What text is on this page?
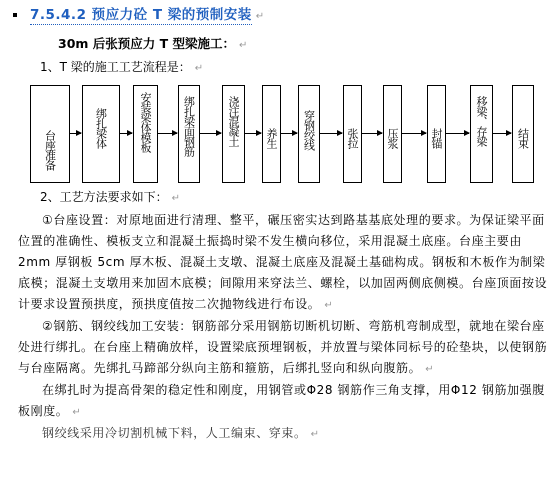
7.5.4.2 预应力砼 T 梁的预制安装 ↵
30m 后张预应力 T 型梁施工： ↵
1、T 梁的施工工艺流程是： ↵
台座准备
绑扎梁体	安装梁体模板	绑扎梁面钢筋	浇注混凝土 养生 穿钢绞线	张拉 压浆	封锚	移梁、存梁	结束
2、工艺方法要求如下： ↵

①台座设置：对原地面进行清理、整平，碾压密实达到路基基底处理的要求。为保证梁平面位置的准确性、模板支立和混凝土振捣时梁不发生横向移位，采用混凝土底座。台座主要由 2mm 厚钢板 5cm 厚木板、混凝土支墩、混凝土底座及混凝土基础构成。钢板和木板作为制梁底模；混凝土支墩用来加固木底模；间隙用来穿法兰、螺栓，以加固两侧底侧模。台座顶面按设计要求设置预拱度，预拱度值按二次抛物线进行布设。 ↵

②钢筋、钢绞线加工安装：钢筋部分采用钢筋切断机切断、弯筋机弯制成型，就地在梁台座处进行绑扎。在台座上精确放样，设置梁底预埋钢板，并放置与梁体同标号的砼垫块，以使钢筋与台座隔离。先绑扎马蹄部分纵向主筋和箍筋，后绑扎竖向和纵向腹筋。 ↵

在绑扎时为提高骨架的稳定性和刚度，用钢管或Φ28 钢筋作三角支撑，用Φ12 钢筋加强腹板刚度。 ↵

钢绞线采用冷切割机械下料，人工编束、穿束。 ↵
